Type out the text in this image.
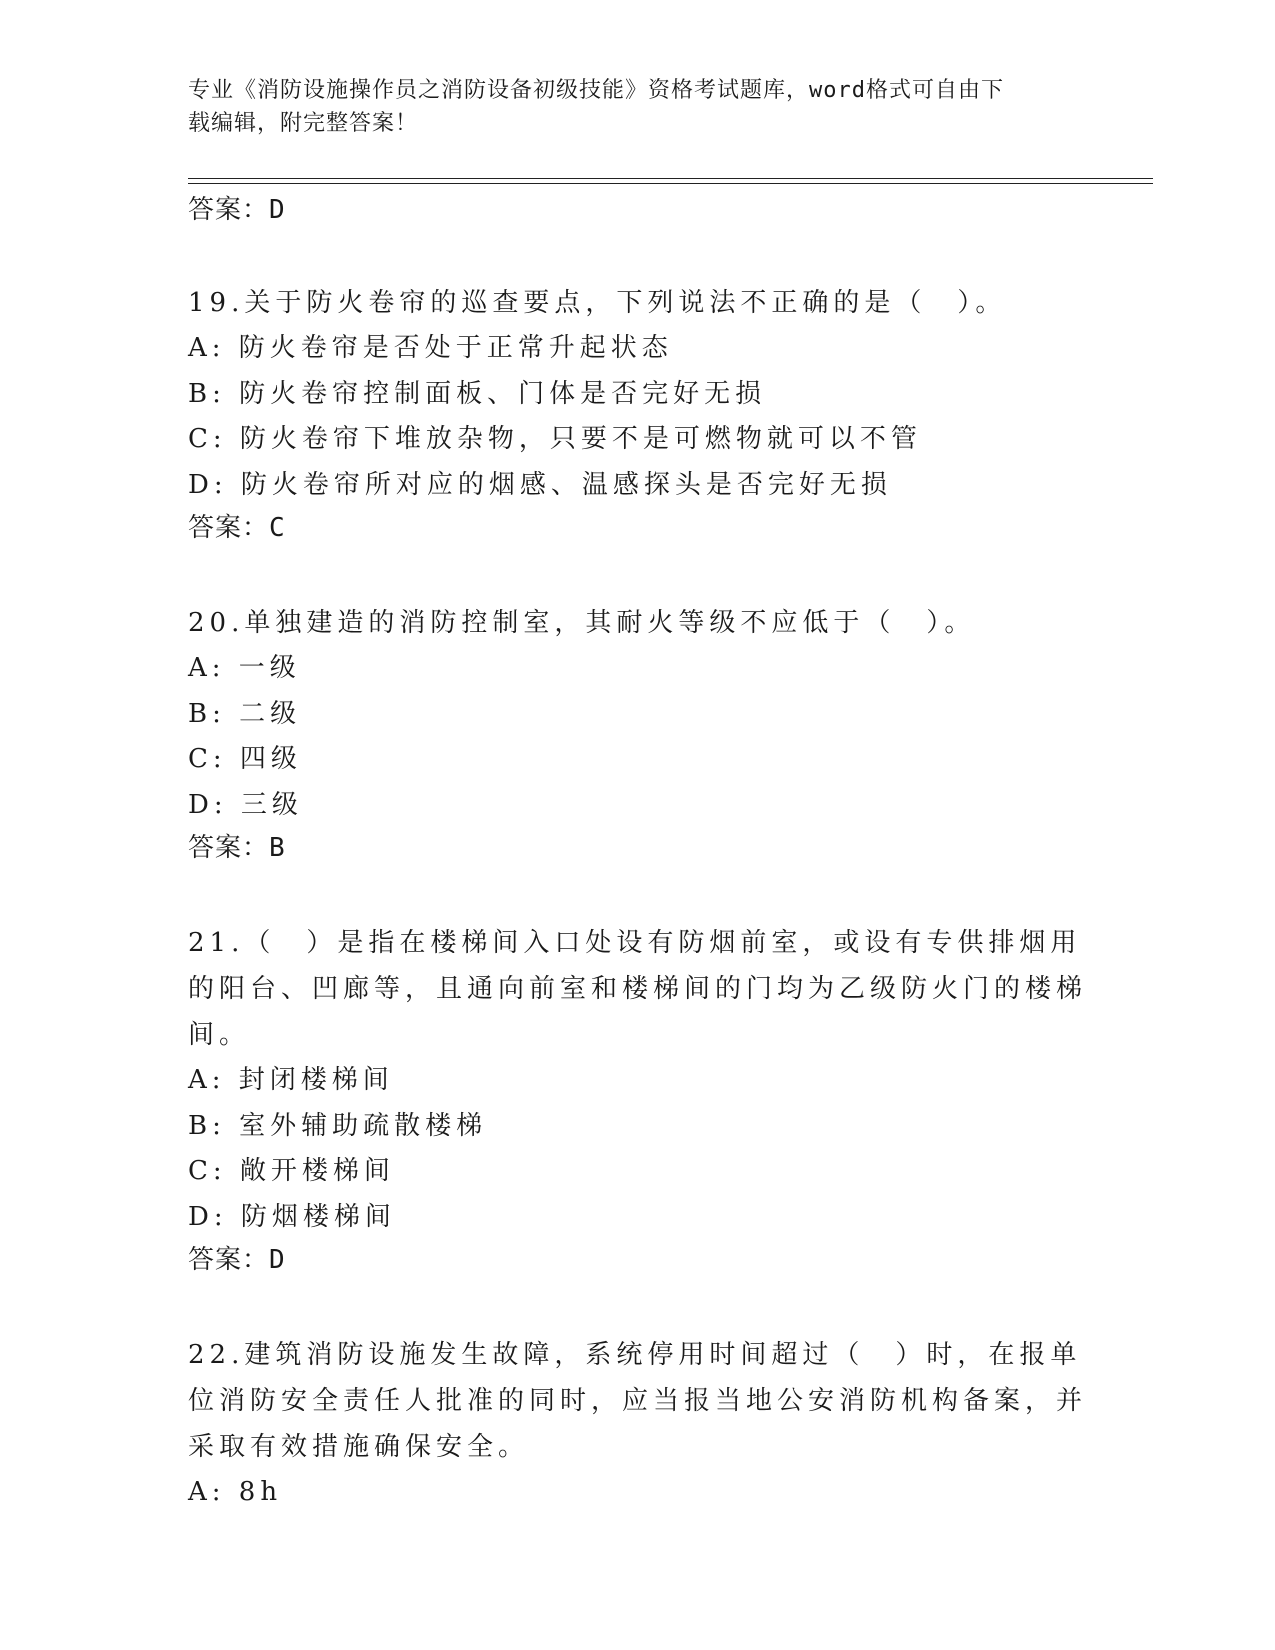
专业《消防设施操作员之消防设备初级技能》资格考试题库，word格式可自由下
载编辑，附完整答案！
答案：D
19.关于防火卷帘的巡查要点，下列说法不正确的是（　）。
A: 防火卷帘是否处于正常升起状态
B: 防火卷帘控制面板、门体是否完好无损
C: 防火卷帘下堆放杂物，只要不是可燃物就可以不管
D: 防火卷帘所对应的烟感、温感探头是否完好无损
答案：C
20.单独建造的消防控制室，其耐火等级不应低于（　）。
A: 一级
B: 二级
C: 四级
D: 三级
答案：B
21.（　）是指在楼梯间入口处设有防烟前室，或设有专供排烟用的阳台、凹廊等，且通向前室和楼梯间的门均为乙级防火门的楼梯间。
A: 封闭楼梯间
B: 室外辅助疏散楼梯
C: 敞开楼梯间
D: 防烟楼梯间
答案：D
22.建筑消防设施发生故障，系统停用时间超过（　）时，在报单位消防安全责任人批准的同时，应当报当地公安消防机构备案，并采取有效措施确保安全。
A: 8h
